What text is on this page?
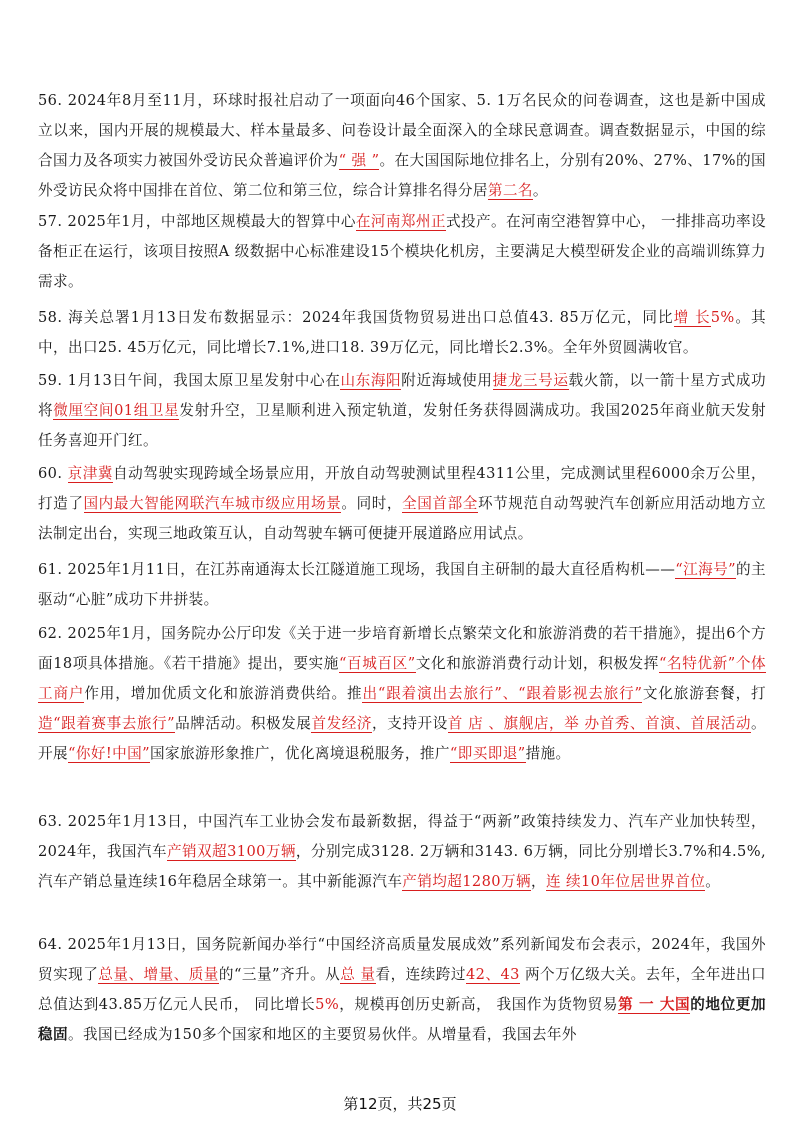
56. 2024年8月至11月，环球时报社启动了一项面向46个国家、5. 1万名民众的问卷调查，这也是新中国成立以来，国内开展的规模最大、样本量最多、问卷设计最全面深入的全球民意调查。调查数据显示，中国的综合国力及各项实力被国外受访民众普遍评价为“ 强 ”。在大国国际地位排名上，分别有20%、27%、17%的国外受访民众将中国排在首位、第二位和第三位，综合计算排名得分居第二名。

57. 2025年1月，中部地区规模最大的智算中心在河南郑州正式投产。在河南空港智算中心， 一排排高功率设备柜正在运行，该项目按照A 级数据中心标准建设15个模块化机房，主要满足大模型研发企业的高端训练算力需求。

58. 海关总署1月13日发布数据显示：2024年我国货物贸易进出口总值43. 85万亿元，同比增 长5%。其中，出口25. 45万亿元，同比增长7.1%,进口18. 39万亿元，同比增长2.3%。全年外贸圆满收官。

59. 1月13日午间，我国太原卫星发射中心在山东海阳附近海域使用捷龙三号运载火箭，以一箭十星方式成功将微厘空间01组卫星发射升空，卫星顺利进入预定轨道，发射任务获得圆满成功。我国2025年商业航天发射任务喜迎开门红。

60. 京津冀自动驾驶实现跨域全场景应用，开放自动驾驶测试里程4311公里，完成测试里程6000余万公里，打造了国内最大智能网联汽车城市级应用场景。同时，全国首部全环节规范自动驾驶汽车创新应用活动地方立法制定出台，实现三地政策互认，自动驾驶车辆可便捷开展道路应用试点。

61. 2025年1月11日，在江苏南通海太长江隧道施工现场，我国自主研制的最大直径盾构机——“江海号”的主驱动“心脏”成功下井拼装。

62. 2025年1月，国务院办公厅印发《关于进一步培育新增长点繁荣文化和旅游消费的若干措施》，提出6个方面18项具体措施。《若干措施》提出，要实施“百城百区”文化和旅游消费行动计划，积极发挥“名特优新”个体工商户作用，增加优质文化和旅游消费供给。推出“跟着演出去旅行”、“跟着影视去旅行”文化旅游套餐，打造“跟着赛事去旅行”品牌活动。积极发展首发经济，支持开设首 店 、旗舰店，举 办首秀、首演、首展活动。开展“你好!中国”国家旅游形象推广，优化离境退税服务，推广“即买即退”措施。

63. 2025年1月13日，中国汽车工业协会发布最新数据，得益于“两新”政策持续发力、汽车产业加快转型，2024年，我国汽车产销双超3100万辆，分别完成3128. 2万辆和3143. 6万辆，同比分别增长3.7%和4.5%,汽车产销总量连续16年稳居全球第一。其中新能源汽车产销均超1280万辆，连 续10年位居世界首位。

64. 2025年1月13日，国务院新闻办举行“中国经济高质量发展成效”系列新闻发布会表示，2024年，我国外贸实现了总量、增量、质量的“三量”齐升。从总 量看，连续跨过42、43 两个万亿级大关。去年，全年进出口总值达到43.85万亿元人民币， 同比增长5%，规模再创历史新高， 我国作为货物贸易第 一 大国的地位更加稳固。我国已经成为150多个国家和地区的主要贸易伙伴。从增量看，我国去年外

第12页，共25页
